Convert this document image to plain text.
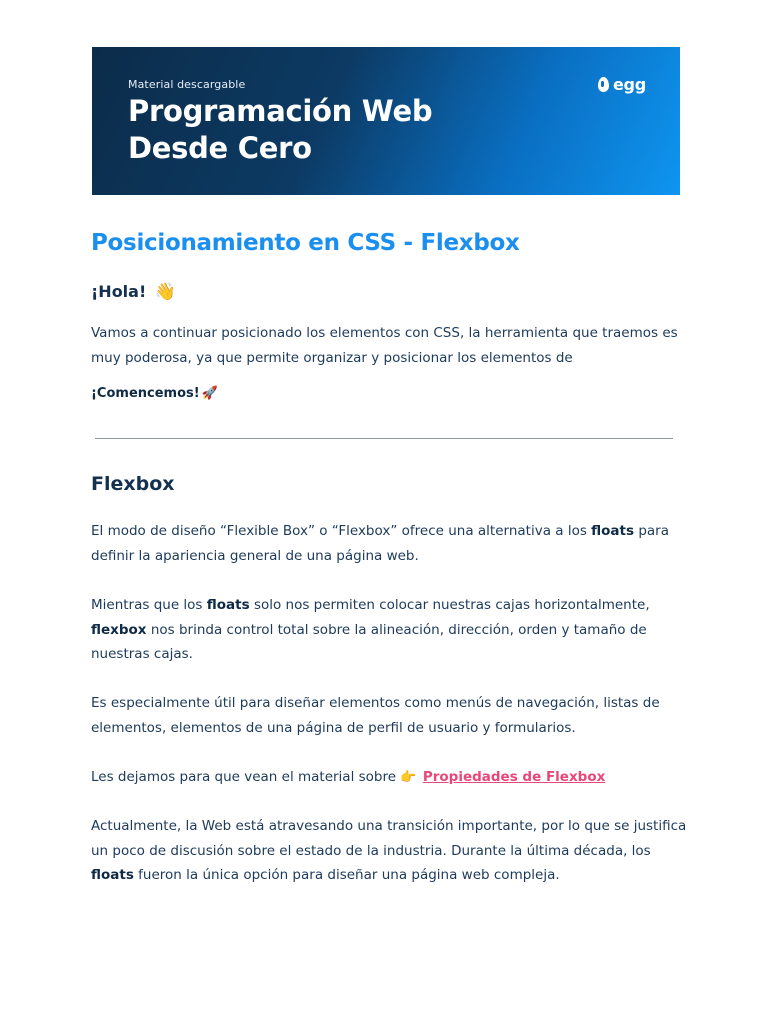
Material descargable
Programación Web
Desde Cero
egg
Posicionamiento en CSS - Flexbox
¡Hola! 👋

Vamos a continuar posicionado los elementos con CSS, la herramienta que traemos es muy poderosa, ya que permite organizar y posicionar los elementos de

¡Comencemos! 🚀

Flexbox

El modo de diseño “Flexible Box” o “Flexbox” ofrece una alternativa a los floats para definir la apariencia general de una página web.

Mientras que los floats solo nos permiten colocar nuestras cajas horizontalmente, flexbox nos brinda control total sobre la alineación, dirección, orden y tamaño de nuestras cajas.

Es especialmente útil para diseñar elementos como menús de navegación, listas de elementos, elementos de una página de perfil de usuario y formularios.

Les dejamos para que vean el material sobre 👉 Propiedades de Flexbox

Actualmente, la Web está atravesando una transición importante, por lo que se justifica un poco de discusión sobre el estado de la industria. Durante la última década, los floats fueron la única opción para diseñar una página web compleja.
